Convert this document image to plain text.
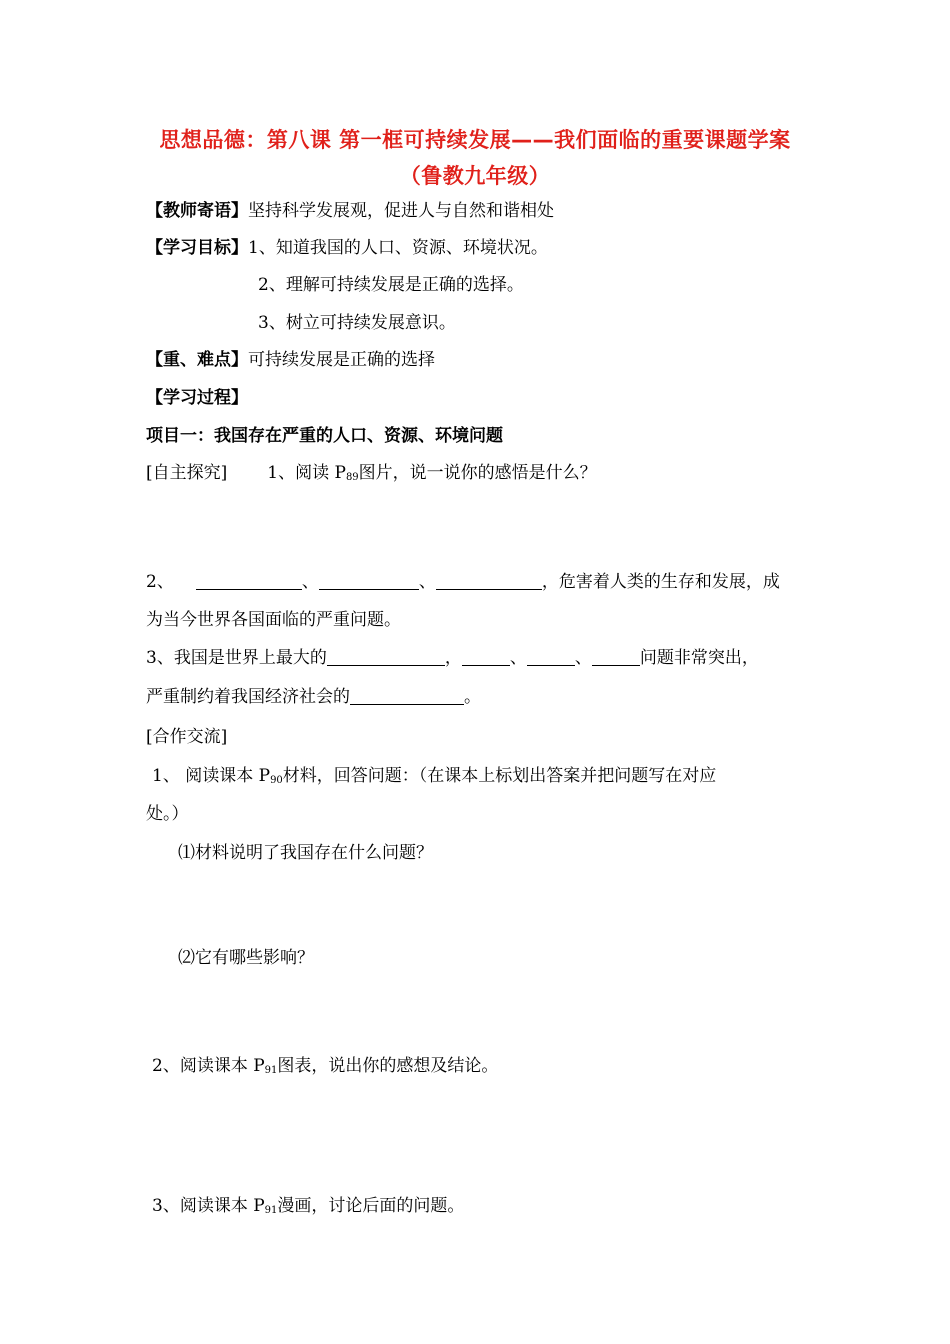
思想品德：第八课 第一框可持续发展——我们面临的重要课题学案
（鲁教九年级）
【教师寄语】坚持科学发展观，促进人与自然和谐相处
【学习目标】1、知道我国的人口、资源、环境状况。
2、理解可持续发展是正确的选择。
3、树立可持续发展意识。
【重、难点】可持续发展是正确的选择
【学习过程】
项目一：我国存在严重的人口、资源、环境问题
[自主探究] 1、阅读 $P_{89}$图片，说一说你的感悟是什么？
2、	、	、	，危害着人类的生存和发展，成
为当今世界各国面临的严重问题。
3、我国是世界上最大的	，	、	、	问题非常突出，
严重制约着我国经济社会的	。
[合作交流]
1、 阅读课本 $P_{90}$材料，回答问题：（在课本上标划出答案并把问题写在对应
处。）
⑴材料说明了我国存在什么问题？
⑵它有哪些影响？
2、阅读课本 $P_{91}$图表，说出你的感想及结论。
3、阅读课本 $P_{91}$漫画，讨论后面的问题。
